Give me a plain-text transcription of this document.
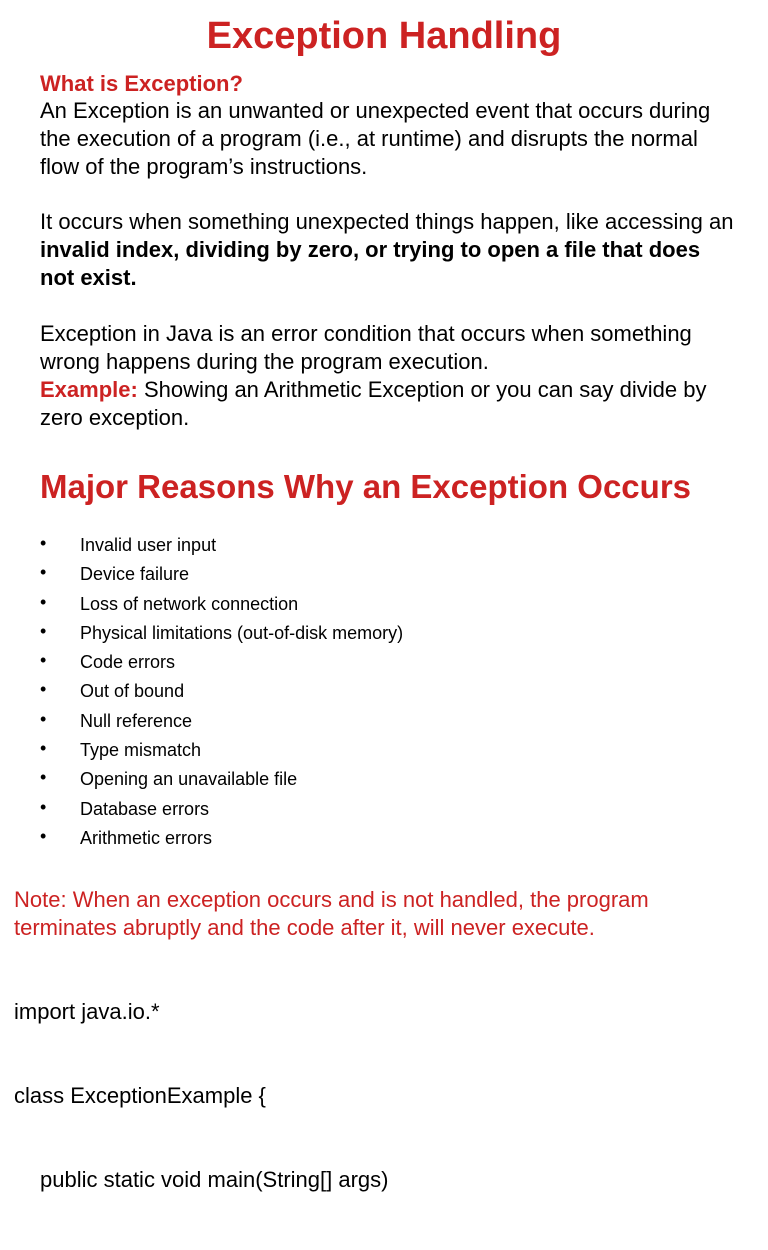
Exception Handling
What is Exception?

An Exception is an unwanted or unexpected event that occurs during the execution of a program (i.e., at runtime) and disrupts the normal flow of the program’s instructions.

It occurs when something unexpected things happen, like accessing an invalid index, dividing by zero, or trying to open a file that does not exist.

Exception in Java is an error condition that occurs when something wrong happens during the program execution.
Example: Showing an Arithmetic Exception or you can say divide by zero exception.

Major Reasons Why an Exception Occurs
• Invalid user input
• Device failure
• Loss of network connection
• Physical limitations (out-of-disk memory)
• Code errors
• Out of bound
• Null reference
• Type mismatch
• Opening an unavailable file
• Database errors
• Arithmetic errors

Note: When an exception occurs and is not handled, the program terminates abruptly and the code after it, will never execute.

import java.io.*

class ExceptionExample {

public static void main(String[] args)
